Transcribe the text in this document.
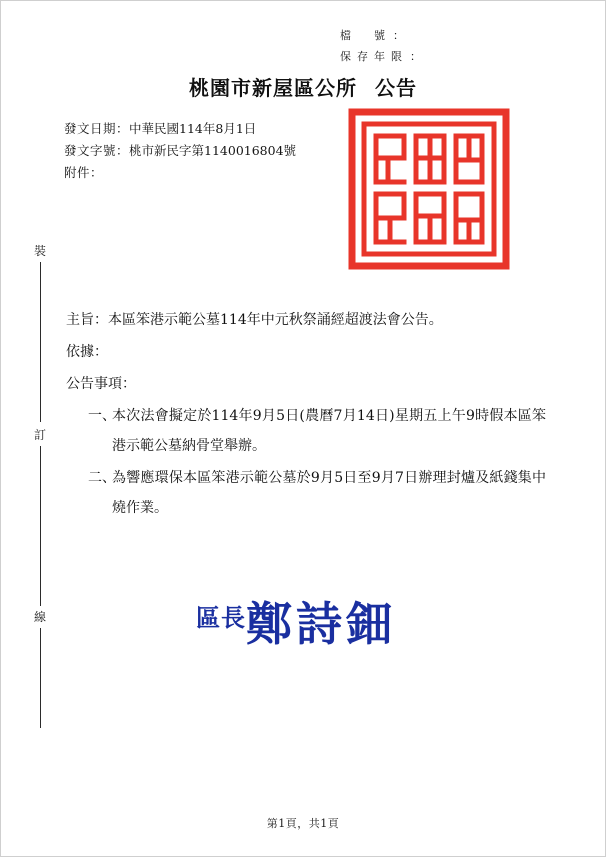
檔　號 ：
保存年限 ：
桃園市新屋區公所 公告
發文日期：中華民國114年8月1日
發文字號：桃市新民字第1140016804號
附件：
裝
訂
線
主旨：本區笨港示範公墓114年中元秋祭誦經超渡法會公告。
依據：
公告事項：
一、
本次法會擬定於114年9月5日(農曆7月14日)星期五上午9時假本區笨港示範公墓納骨堂舉辦。
二、
為響應環保本區笨港示範公墓於9月5日至9月7日辦理封爐及紙錢集中燒作業。
區長鄭詩鈿
第1頁，共1頁
